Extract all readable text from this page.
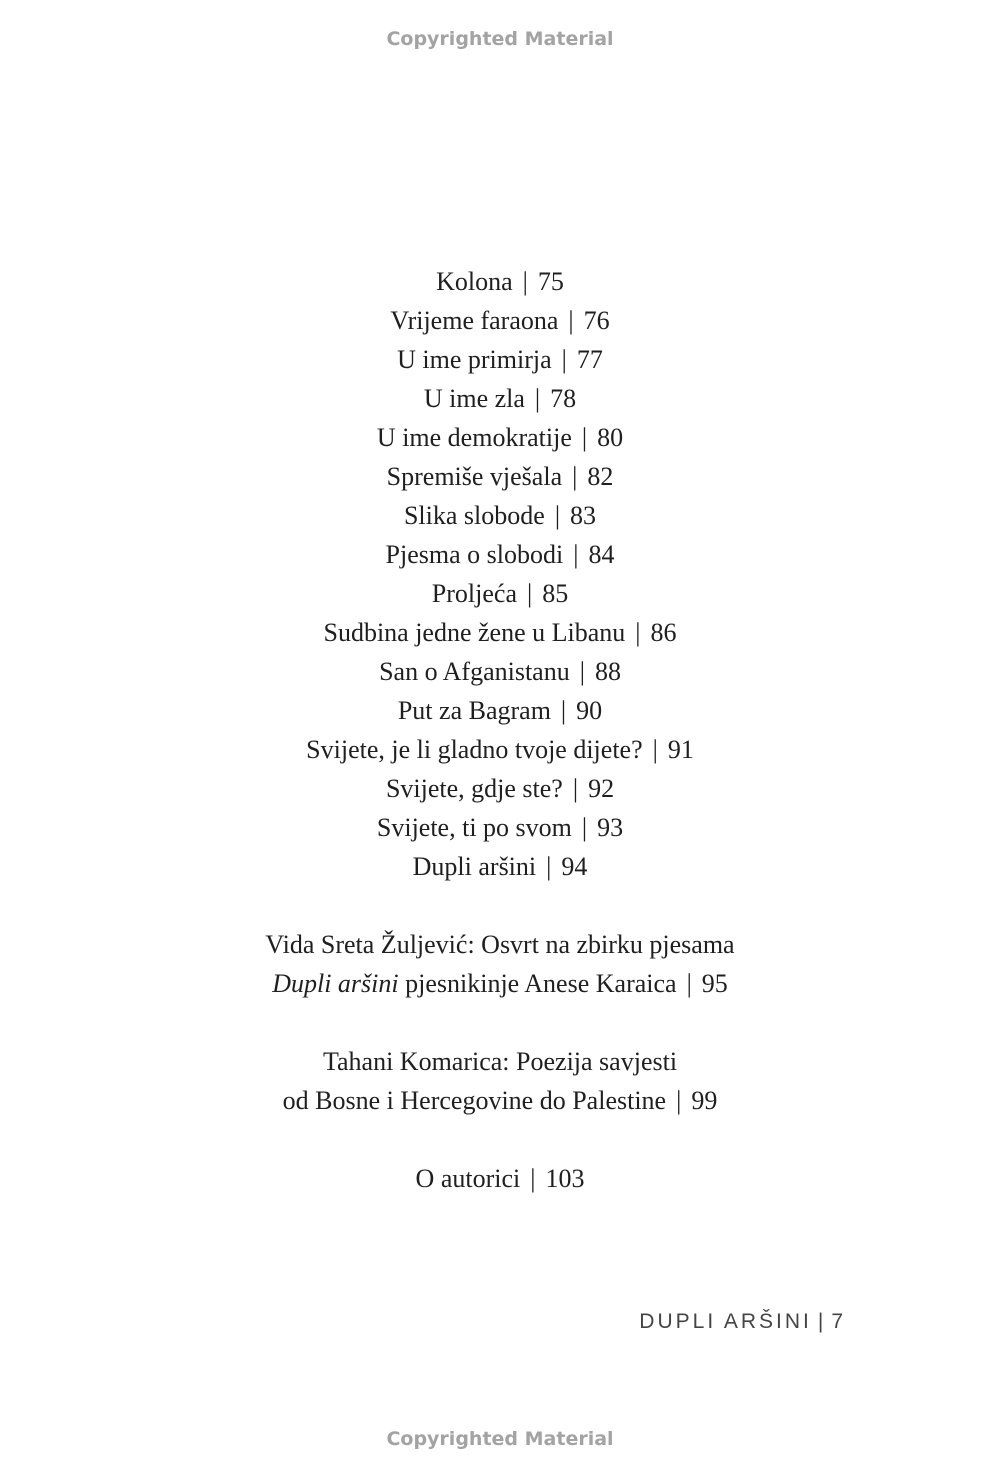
Copyrighted Material
Kolona | 75
Vrijeme faraona | 76
U ime primirja | 77
U ime zla | 78
U ime demokratije | 80
Spremiše vješala | 82
Slika slobode | 83
Pjesma o slobodi | 84
Proljeća | 85
Sudbina jedne žene u Libanu | 86
San o Afganistanu | 88
Put za Bagram | 90
Svijete, je li gladno tvoje dijete? | 91
Svijete, gdje ste? | 92
Svijete, ti po svom | 93
Dupli aršini | 94
Vida Sreta Žuljević: Osvrt na zbirku pjesama
Dupli aršini pjesnikinje Anese Karaica | 95
Tahani Komarica: Poezija savjesti
od Bosne i Hercegovine do Palestine | 99
O autorici | 103
DUPLI ARŠINI | 7
Copyrighted Material
